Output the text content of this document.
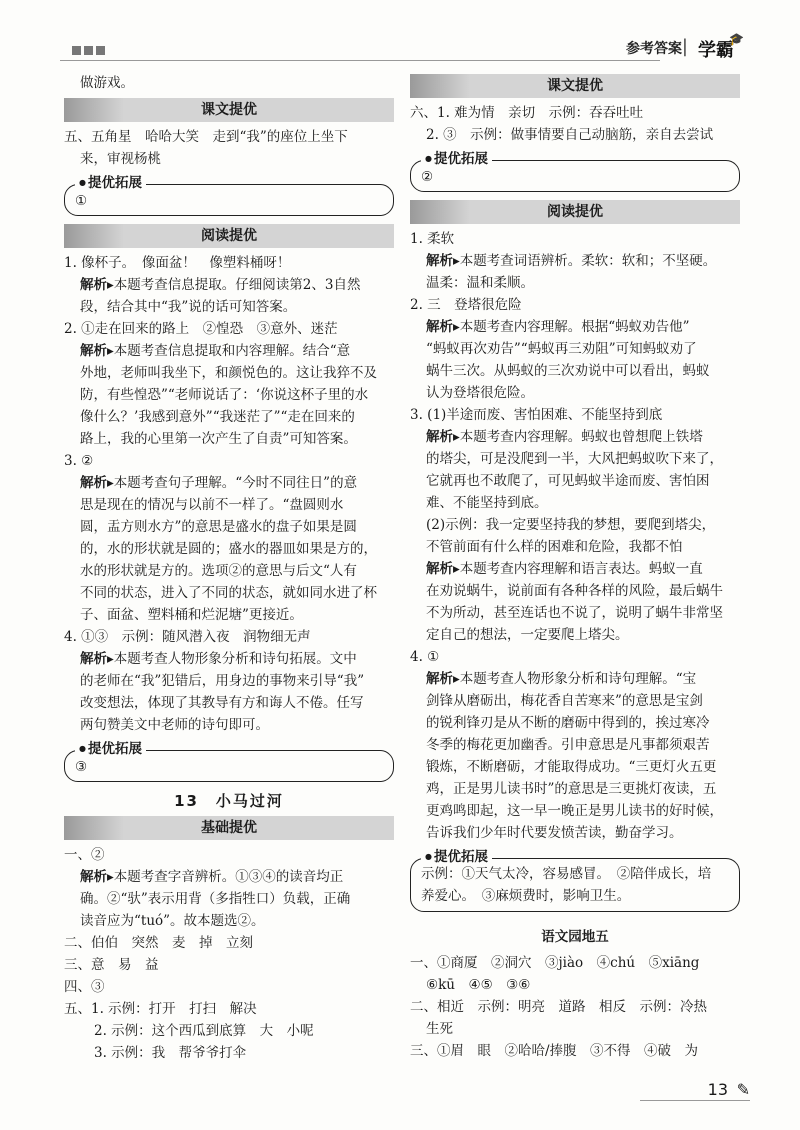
参考答案 | 学霸
🎓

做游戏。

课文提优

五、五角星　哈哈大笑　走到“我”的座位上坐下

来，审视杨桃

● 提优拓展
①
阅读提优

1. 像杯子。　像面盆！　像塑料桶呀！

解析▸本题考查信息提取。仔细阅读第2、3自然

段，结合其中“我”说的话可知答案。

2. ①走在回来的路上　②惶恐　③意外、迷茫

解析▸本题考查信息提取和内容理解。结合“意

外地，老师叫我坐下，和颜悦色的。这让我猝不及

防，有些惶恐”“老师说话了：‘你说这杯子里的水

像什么？’我感到意外”“我迷茫了”“走在回来的

路上，我的心里第一次产生了自责”可知答案。

3. ②

解析▸本题考查句子理解。“今时不同往日”的意

思是现在的情况与以前不一样了。“盘圆则水

圆，盂方则水方”的意思是盛水的盘子如果是圆

的，水的形状就是圆的；盛水的器皿如果是方的，

水的形状就是方的。选项②的意思与后文“人有

不同的状态，进入了不同的状态，就如同水进了杯

子、面盆、塑料桶和烂泥塘”更接近。

4. ①③　示例：随风潜入夜　润物细无声

解析▸本题考查人物形象分析和诗句拓展。文中

的老师在“我”犯错后，用身边的事物来引导“我”

改变想法，体现了其教导有方和诲人不倦。任写

两句赞美文中老师的诗句即可。

● 提优拓展
③
13　小马过河
基础提优

一、②

解析▸本题考查字音辨析。①③④的读音均正

确。②“驮”表示用背（多指牲口）负载，正确

读音应为“tuó”。故本题选②。

二、伯伯　突然　麦　掉　立刻

三、意　易　益

四、③

五、1. 示例：打开　打扫　解决

2. 示例：这个西瓜到底算　大　小呢

3. 示例：我　帮爷爷打伞

课文提优

六、1. 难为情　亲切　示例：吞吞吐吐

2. ③　示例：做事情要自己动脑筋，亲自去尝试

● 提优拓展
②
阅读提优

1. 柔软

解析▸本题考查词语辨析。柔软：软和；不坚硬。

温柔：温和柔顺。

2. 三　登塔很危险

解析▸本题考查内容理解。根据“蚂蚁劝告他”

“蚂蚁再次劝告”“蚂蚁再三劝阻”可知蚂蚁劝了

蜗牛三次。从蚂蚁的三次劝说中可以看出，蚂蚁

认为登塔很危险。

3. (1)半途而废、害怕困难、不能坚持到底

解析▸本题考查内容理解。蚂蚁也曾想爬上铁塔

的塔尖，可是没爬到一半，大风把蚂蚁吹下来了，

它就再也不敢爬了，可见蚂蚁半途而废、害怕困

难、不能坚持到底。

(2)示例：我一定要坚持我的梦想，要爬到塔尖，

不管前面有什么样的困难和危险，我都不怕

解析▸本题考查内容理解和语言表达。蚂蚁一直

在劝说蜗牛，说前面有各种各样的风险，最后蜗牛

不为所动，甚至连话也不说了，说明了蜗牛非常坚

定自己的想法，一定要爬上塔尖。

4. ①

解析▸本题考查人物形象分析和诗句理解。“宝

剑锋从磨砺出，梅花香自苦寒来”的意思是宝剑

的锐利锋刃是从不断的磨砺中得到的，挨过寒冷

冬季的梅花更加幽香。引申意思是凡事都须艰苦

锻炼，不断磨砺，才能取得成功。“三更灯火五更

鸡，正是男儿读书时”的意思是三更挑灯夜读，五

更鸡鸣即起，这一早一晚正是男儿读书的好时候，

告诉我们少年时代要发愤苦读，勤奋学习。

● 提优拓展
示例：①天气太冷，容易感冒。　②陪伴成长，培
养爱心。　③麻烦费时，影响卫生。
语文园地五

一、①商厦　②洞穴　③jiào　④chú　⑤xiāng

⑥kū　④⑤　③⑥

二、相近　示例：明亮　道路　相反　示例：冷热

生死

三、①眉　眼　②哈哈/捧腹　③不得　④破　为

13 ✎
